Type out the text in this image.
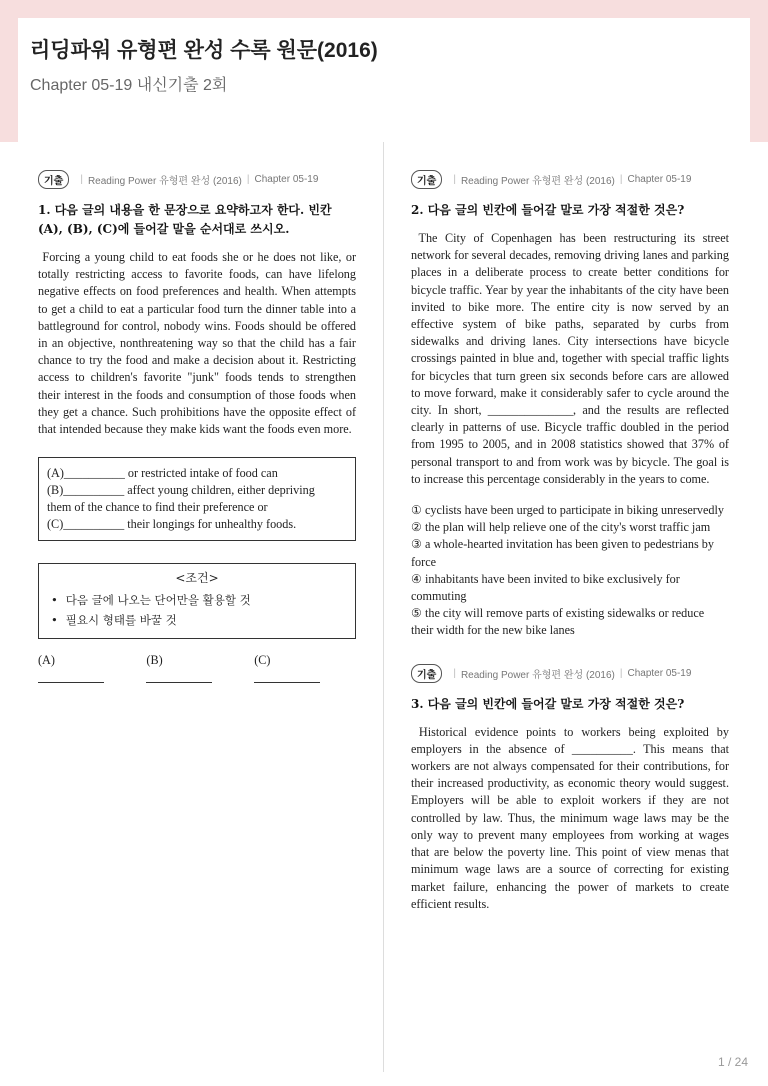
리딩파워 유형편 완성 수록 원문(2016)
Chapter 05-19 내신기출 2회
기출	| Reading Power 유형편 완성 (2016) | Chapter 05-19

1. 다음 글의 내용을 한 문장으로 요약하고자 한다. 빈칸 (A), (B), (C)에 들어갈 말을 순서대로 쓰시오.

Forcing a young child to eat foods she or he does not like, or totally restricting access to favorite foods, can have lifelong negative effects on food preferences and health. When attempts to get a child to eat a particular food turn the dinner table into a battleground for control, nobody wins. Foods should be offered in an objective, nonthreatening way so that the child has a fair chance to try the food and make a decision about it. Restricting access to children's favorite "junk" foods tends to strengthen their interest in the foods and consumption of those foods when they get a chance. Such prohibitions have the opposite effect of that intended because they make kids want the foods even more.

(A)__________ or restricted intake of food can
(B)__________ affect young children, either depriving
them of the chance to find their preference or
(C)__________ their longings for unhealthy foods.
<조건>
• 다음 글에 나오는 단어만을 활용할 것
• 필요시 형태를 바꿀 것
(A)	(B)	(C)
기출	| Reading Power 유형편 완성 (2016) | Chapter 05-19

2. 다음 글의 빈칸에 들어갈 말로 가장 적절한 것은?

The City of Copenhagen has been restructuring its street network for several decades, removing driving lanes and parking places in a deliberate process to create better conditions for bicycle traffic. Year by year the inhabitants of the city have been invited to bike more. The entire city is now served by an effective system of bike paths, separated by curbs from sidewalks and driving lanes. City intersections have bicycle crossings painted in blue and, together with special traffic lights for bicycles that turn green six seconds before cars are allowed to move forward, make it considerably safer to cycle around the city. In short, ______________, and the results are reflected clearly in patterns of use. Bicycle traffic doubled in the period from 1995 to 2005, and in 2008 statistics showed that 37% of personal transport to and from work was by bicycle. The goal is to increase this percentage considerably in the years to come.

① cyclists have been urged to participate in biking unreservedly
② the plan will help relieve one of the city's worst traffic jam
③ a whole-hearted invitation has been given to pedestrians by force
④ inhabitants have been invited to bike exclusively for commuting
⑤ the city will remove parts of existing sidewalks or reduce their width for the new bike lanes
기출	| Reading Power 유형편 완성 (2016) | Chapter 05-19

3. 다음 글의 빈칸에 들어갈 말로 가장 적절한 것은?

Historical evidence points to workers being exploited by employers in the absence of __________. This means that workers are not always compensated for their contributions, for their increased productivity, as economic theory would suggest. Employers will be able to exploit workers if they are not controlled by law. Thus, the minimum wage laws may be the only way to prevent many employees from working at wages that are below the poverty line. This point of view menas that minimum wage laws are a source of correcting for existing market failure, enhancing the power of markets to create efficient results.

1 / 24
